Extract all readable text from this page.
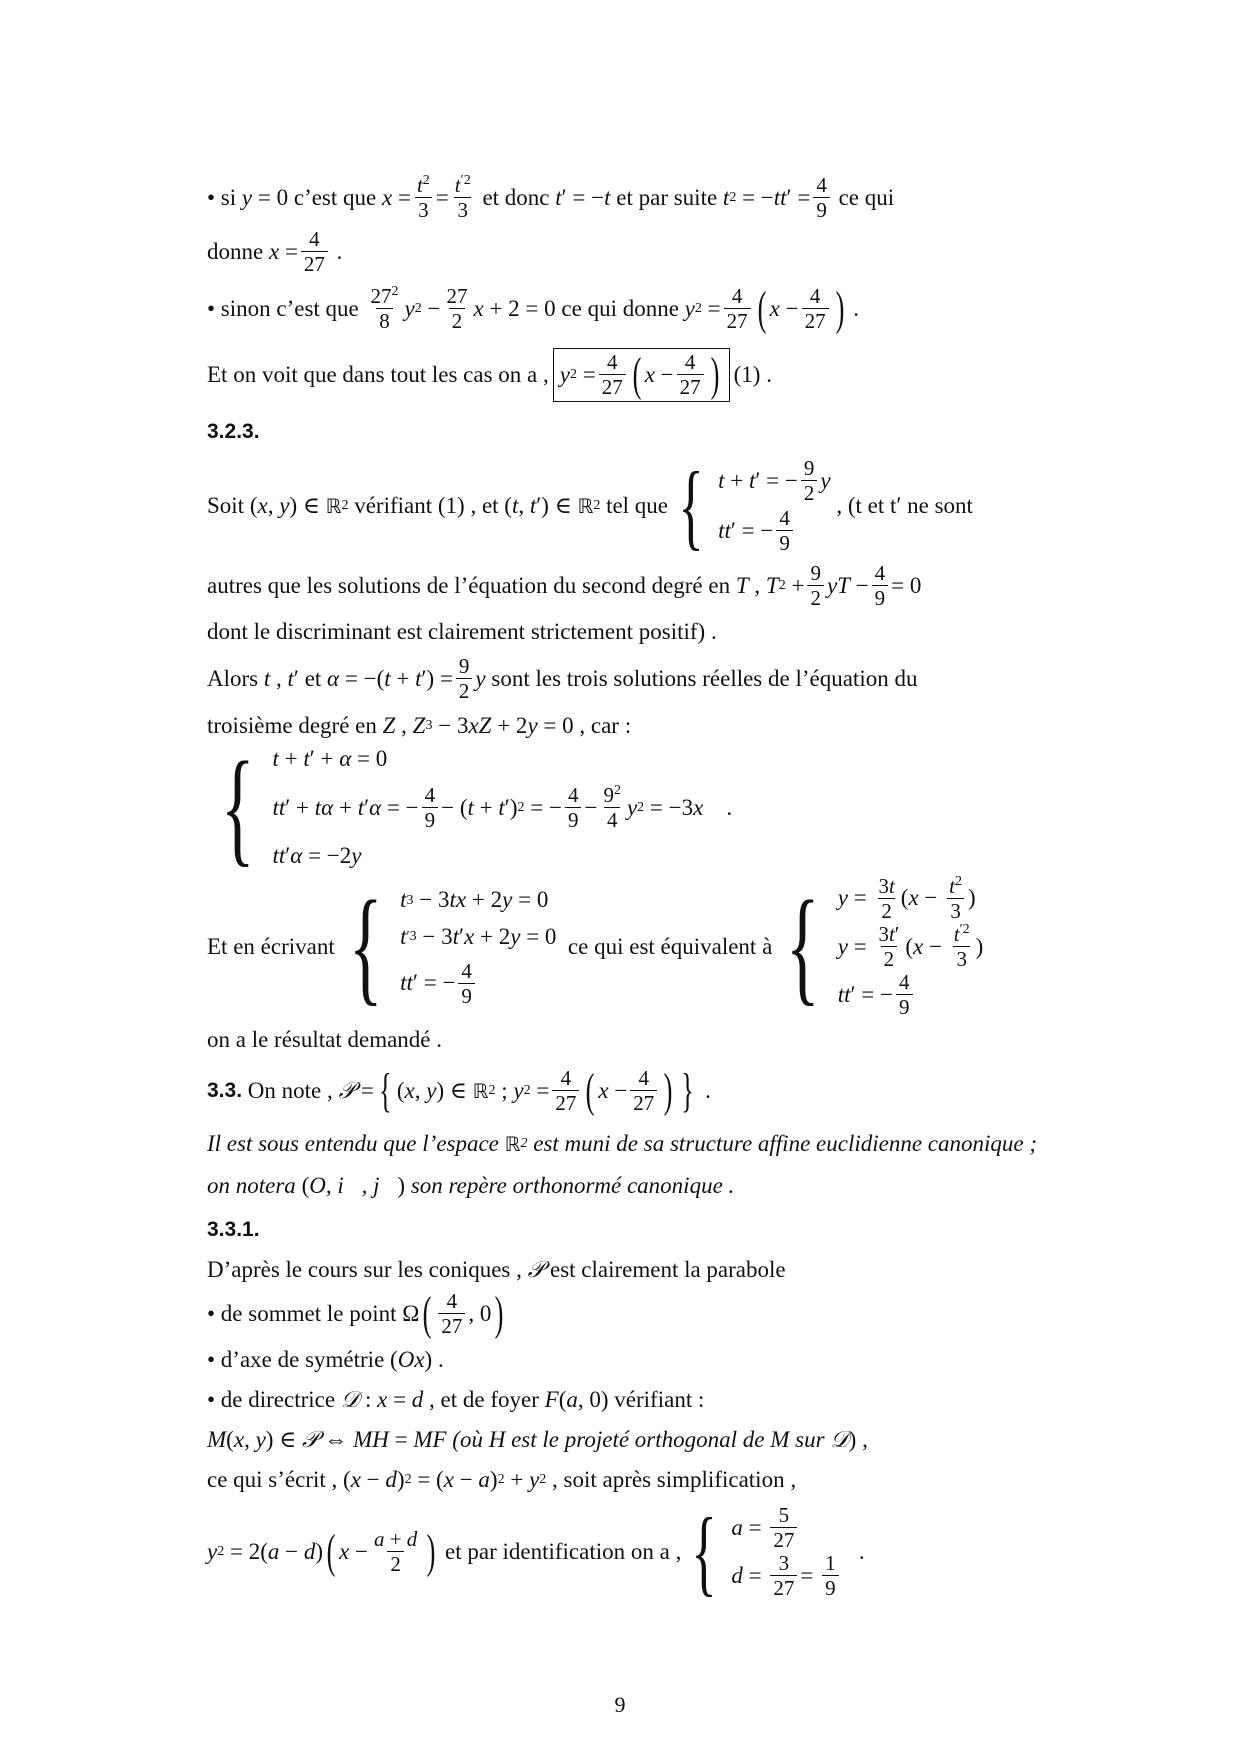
• si
y = 0 c’est que
$x = \frac{t^2}{3} = \frac{t^{'2}}{3}$
et donc
t ′ = − t
et par suite
t 2 = − tt ′ = $\frac{4}{9}$
ce qui
donne
$x = \frac{4}{27}$ .
• sinon c’est que
$\frac{27^2}{8}$ y $2 - \frac{27}{2}$ x + 2 = 0 ce qui donne
y $2 = \frac{4}{27}$ ( $x - \frac{4}{27}$ ) .
Et on voit que dans tout les cas on a , y $2 = \frac{4}{27}$ ( $x - \frac{4}{27}$ ) (1) .
3.2.3.
Soit ( x , y ) ∈ ℝ 2
vérifiant (1) , et ( t , t ′) ∈ ℝ 2
tel que { t + t ′ = − $\frac{9}{2}$ y
tt ′ = − $\frac{4}{9}$

, (t et t′ ne sont
autres que les solutions de l’équation du second degré en
T , T $2 + \frac{9}{2}$ yT − $\frac{4}{9} = 0$
dont le discriminant est clairement strictement positif) .
Alors
t , t ′ et α = −( t + t ′) = $\frac{9}{2}$ y
sont les trois solutions réelles de l’équation du
troisième degré en
Z , Z 3 − 3 xZ + 2 y = 0 , car :
{ t + t ′ + α = 0
tt ′ + tα + t ′ α = − $\frac{4}{9}$ − ( t + t ′) 2 = − $\frac{4}{9} - \frac{9^2}{4}$ y 2 = −3 x .
tt ′ α = −2 y
Et en écrivant { t 3 − 3 tx + 2 y = 0
t ′3 − 3 t ′ x + 2 y = 0
tt ′ = − $\frac{4}{9}$

ce qui est équivalent à { $y = \frac{3t}{2}$ ( $x - \frac{t^2}{3}$ )
$y = \frac{3t'}{2}$ ( $x - \frac{t^{'2}}{3}$ )
tt ′ = − $\frac{4}{9}$
on a le résultat demandé .
3.3.
On note ,
𝒫 = { ( x , y ) ∈ ℝ 2 ; y $2 = \frac{4}{27}$ ( $x - \frac{4}{27}$ ) } .
Il est sous entendu que l’espace
ℝ 2
est muni de sa structure affine euclidienne canonique ;
on notera
( O , i⃗ , j⃗ )
son repère orthonormé canonique .
3.3.1.
D’après le cours sur les coniques ,
𝒫
est clairement la parabole
• de sommet le point Ω ( $\frac{4}{27}$ , 0 )
• d’axe de symétrie ( Ox ) .
• de directrice
𝒟 : x = d
, et de foyer
F ( a , 0) vérifiant :
M ( x , y ) ∈ 𝒫 ⇔ MH = MF
(où
H
est le projeté orthogonal de
M
sur
𝒟 ) ,
ce qui s’écrit , ( x − d ) 2 = ( x − a ) 2 + y 2
, soit après simplification ,
y 2 = 2( a − d ) ( $x - \frac{a + d}{2}$ )
et par identification on a , { $a = \frac{5}{27}$
$d = \frac{3}{27} = \frac{1}{9}$
.
9
